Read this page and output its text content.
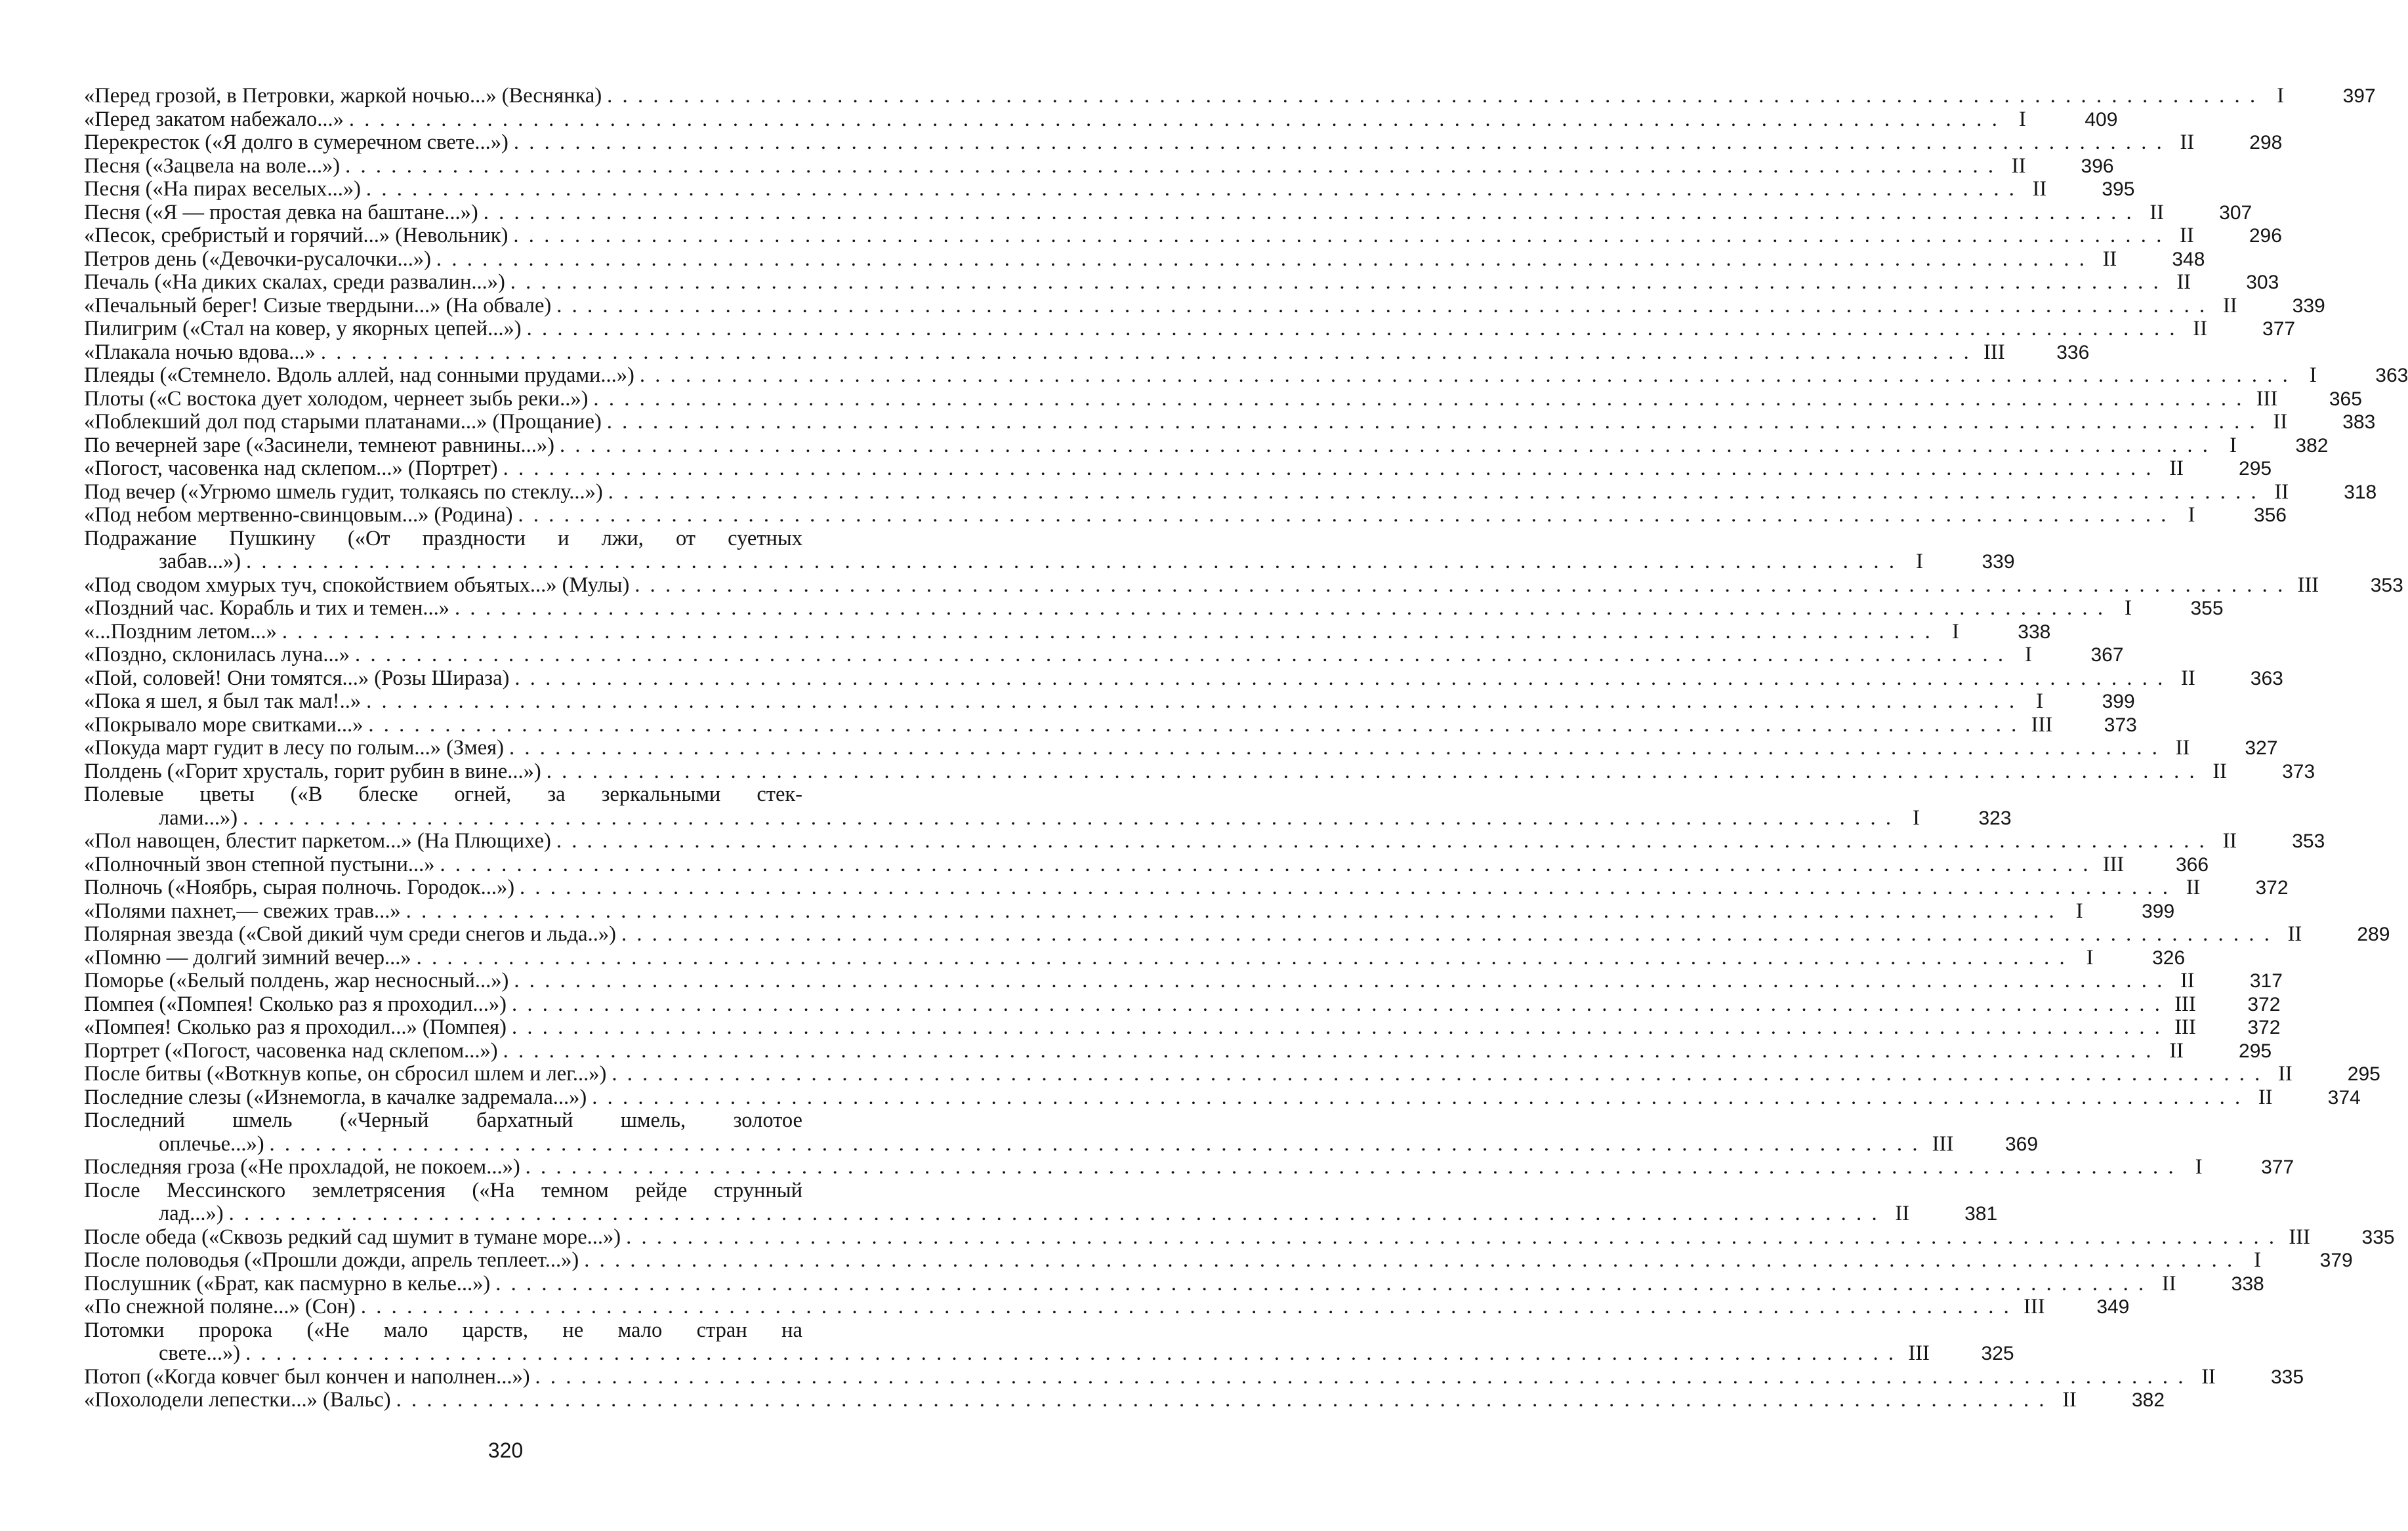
«Перед грозой, в Петровки, жаркой ночью...» (Веснянка) . . .	I	397
«Перед закатом набежало...» . . .	I	409
Перекресток («Я долго в сумеречном свете...») . . .	II	298
Песня («Зацвела на воле...») . . .	II	396
Песня («На пирах веселых...») . . .	II	395
Песня («Я — простая девка на баштане...») . . .	II	307
«Песок, сребристый и горячий...» (Невольник) . . .	II	296
Петров день («Девочки-русалочки...») . . .	II	348
Печаль («На диких скалах, среди развалин...») . . .	II	303
«Печальный берег! Сизые твердыни...» (На обвале) . . .	II	339
Пилигрим («Стал на ковер, у якорных цепей...») . . .	II	377
«Плакала ночью вдова...» . . .	III	336
Плеяды («Стемнело. Вдоль аллей, над сонными прудами...») . . .	I	363
Плоты («С востока дует холодом, чернеет зыбь реки..») . . .	III	365
«Поблекший дол под старыми платанами...» (Прощание) . . .	II	383
По вечерней заре («Засинели, темнеют равнины...») . . .	I	382
«Погост, часовенка над склепом...» (Портрет) . . .	II	295
Под вечер («Угрюмо шмель гудит, толкаясь по стеклу...») . . .	II	318
«Под небом мертвенно-свинцовым...» (Родина) . . .	I	356
Подражание Пушкину («От праздности и лжи, от суетных
забав...») . . .	I	339
«Под сводом хмурых туч, спокойствием объятых...» (Мулы) . . .	III	353
«Поздний час. Корабль и тих и темен...» . . .	I	355
«...Поздним летом...» . . .	I	338
«Поздно, склонилась луна...» . . .	I	367
«Пой, соловей! Они томятся...» (Розы Шираза) . . .	II	363
«Пока я шел, я был так мал!..» . . .	I	399
«Покрывало море свитками...» . . .	III	373
«Покуда март гудит в лесу по голым...» (Змея) . . .	II	327
Полдень («Горит хрусталь, горит рубин в вине...») . . .	II	373
Полевые цветы («В блеске огней, за зеркальными стек-
лами...») . . .	I	323
«Пол навощен, блестит паркетом...» (На Плющихе) . . .	II	353
«Полночный звон степной пустыни...» . . .	III	366
Полночь («Ноябрь, сырая полночь. Городок...») . . .	II	372
«Полями пахнет,— свежих трав...» . . .	I	399
Полярная звезда («Свой дикий чум среди снегов и льда..») . . .	II	289
«Помню — долгий зимний вечер...» . . .	I	326
Поморье («Белый полдень, жар несносный...») . . .	II	317
Помпея («Помпея! Сколько раз я проходил...») . . .	III	372
«Помпея! Сколько раз я проходил...» (Помпея) . . .	III	372
Портрет («Погост, часовенка над склепом...») . . .	II	295
После битвы («Воткнув копье, он сбросил шлем и лег...») . . .	II	295
Последние слезы («Изнемогла, в качалке задремала...») . . .	II	374
Последний шмель («Черный бархатный шмель, золотое
оплечье...») . . .	III	369
Последняя гроза («Не прохладой, не покоем...») . . .	I	377
После Мессинского землетрясения («На темном рейде струнный
лад...») . . .	II	381
После обеда («Сквозь редкий сад шумит в тумане море...») . . .	III	335
После половодья («Прошли дожди, апрель теплеет...») . . .	I	379
Послушник («Брат, как пасмурно в келье...») . . .	II	338
«По снежной поляне...» (Сон) . . .	III	349
Потомки пророка («Не мало царств, не мало стран на
свете...») . . .	III	325
Потоп («Когда ковчег был кончен и наполнен...») . . .	II	335
«Похолодели лепестки...» (Вальс) . . .	II	382
320
